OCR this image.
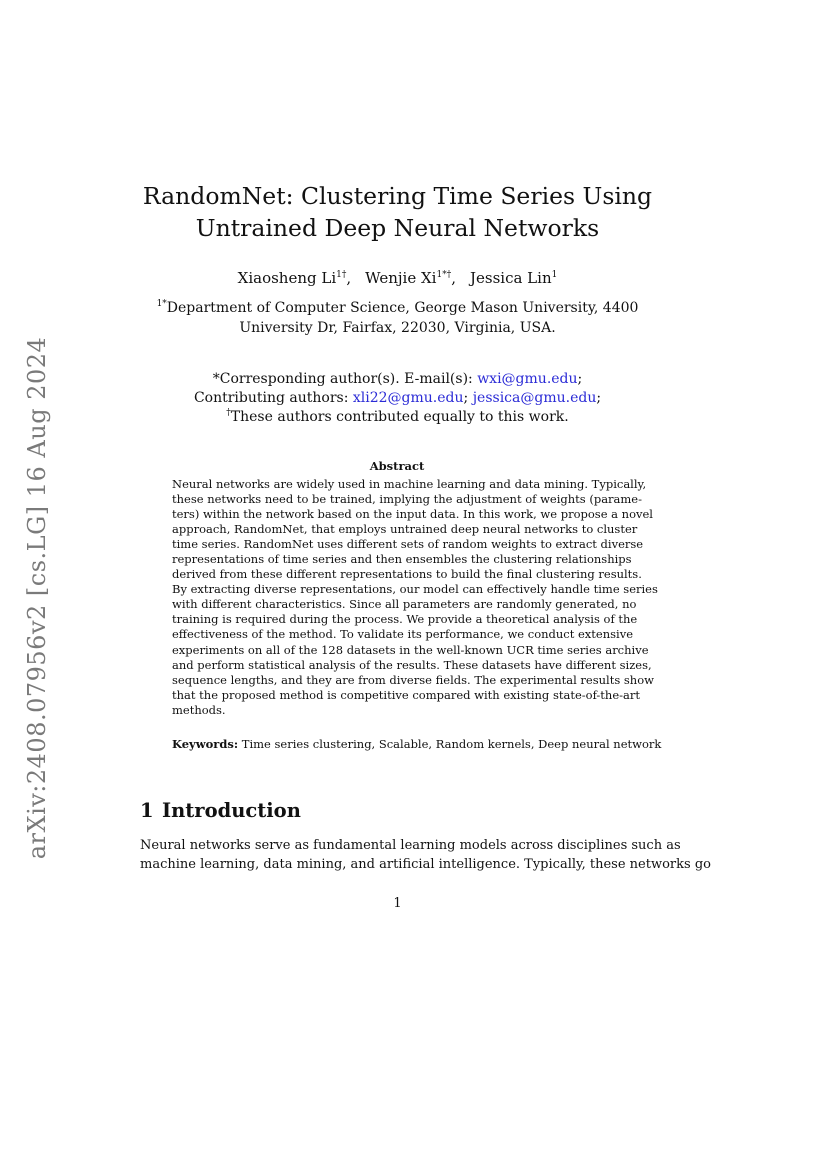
arXiv:2408.07956v2 [cs.LG] 16 Aug 2024
RandomNet: Clustering Time Series Using
Untrained Deep Neural Networks
Xiaosheng $Li^{1\dagger}$, Wenjie $Xi^{1*\dagger}$, Jessica Lin$^1$
$^{1*}$Department of Computer Science, George Mason University, 4400
University Dr, Fairfax, 22030, Virginia, USA.
*Corresponding author(s). E-mail(s): wxi@gmu.edu;
Contributing authors: xli22@gmu.edu; jessica@gmu.edu;
†These authors contributed equally to this work.
Abstract
Neural networks are widely used in machine learning and data mining. Typically,
these networks need to be trained, implying the adjustment of weights (parame-
ters) within the network based on the input data. In this work, we propose a novel
approach, RandomNet, that employs untrained deep neural networks to cluster
time series. RandomNet uses different sets of random weights to extract diverse
representations of time series and then ensembles the clustering relationships
derived from these different representations to build the final clustering results.
By extracting diverse representations, our model can effectively handle time series
with different characteristics. Since all parameters are randomly generated, no
training is required during the process. We provide a theoretical analysis of the
effectiveness of the method. To validate its performance, we conduct extensive
experiments on all of the 128 datasets in the well-known UCR time series archive
and perform statistical analysis of the results. These datasets have different sizes,
sequence lengths, and they are from diverse fields. The experimental results show
that the proposed method is competitive compared with existing state-of-the-art
methods.
Keywords: Time series clustering, Scalable, Random kernels, Deep neural network
1 Introduction
Neural networks serve as fundamental learning models across disciplines such as
machine learning, data mining, and artificial intelligence. Typically, these networks go
1
